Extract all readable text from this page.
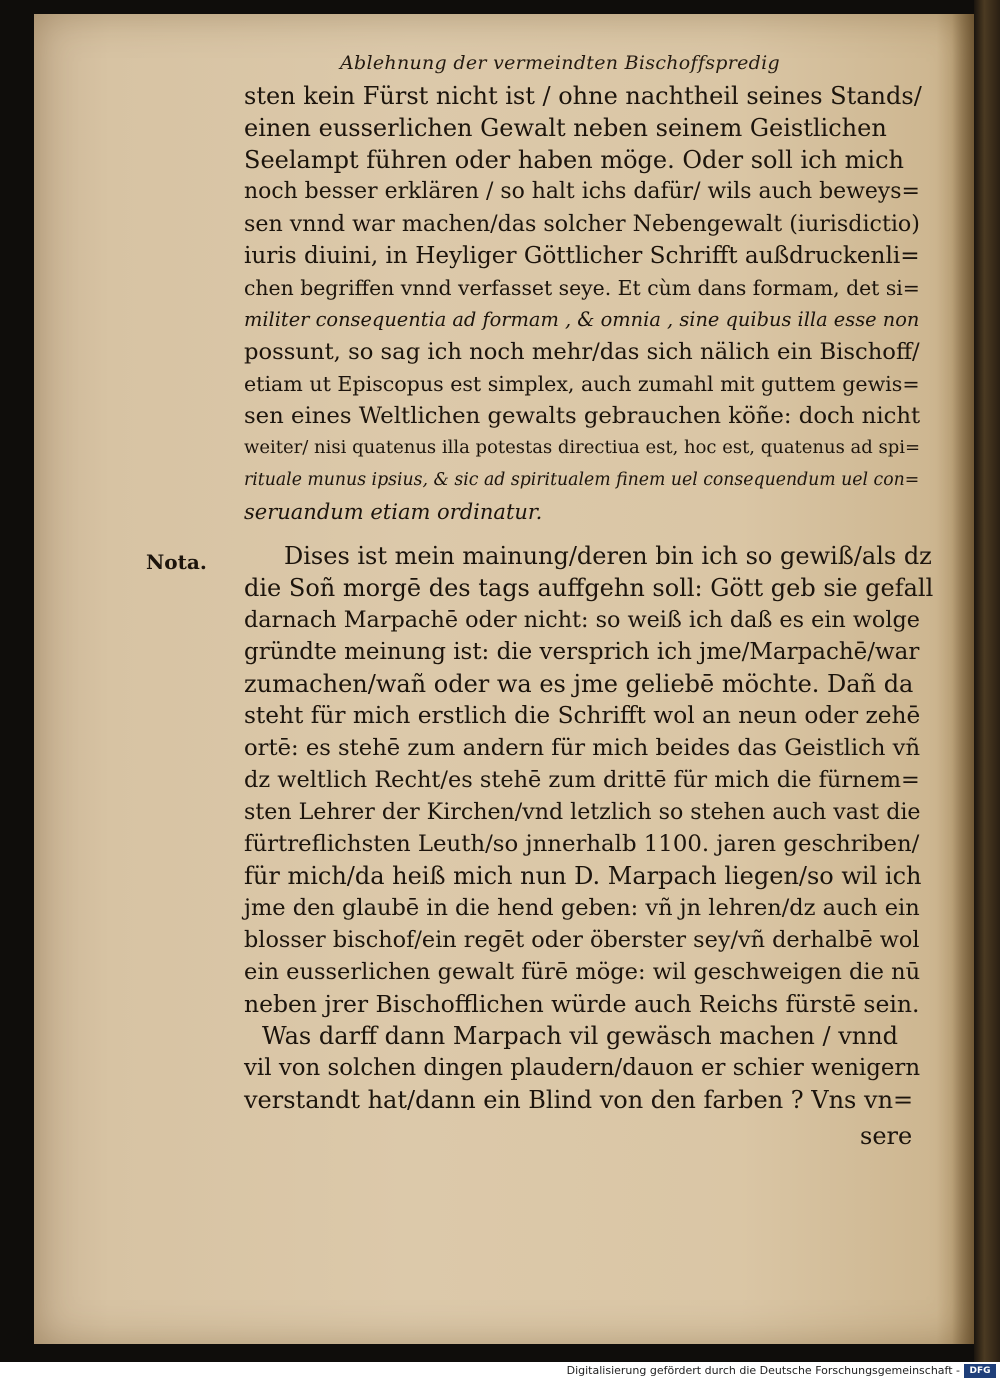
Ablehnung der vermeindten Bischoffspredig
sten kein Fürst nicht ist / ohne nachtheil seines Stands/
einen eusserlichen Gewalt neben seinem Geistlichen
Seelampt führen oder haben möge. Oder soll ich mich
noch besser erklären / so halt ichs dafür/ wils auch beweys=
sen vnnd war machen/das solcher Nebengewalt (iurisdictio)
iuris diuini, in Heyliger Göttlicher Schrifft außdruckenli=
chen begriffen vnnd verfasset seye. Et cùm dans formam, det si=
militer consequentia ad formam , & omnia , sine quibus illa esse non
possunt, so sag ich noch mehr/das sich nälich ein Bischoff/
etiam ut Episcopus est simplex, auch zumahl mit guttem gewis=
sen eines Weltlichen gewalts gebrauchen köñe: doch nicht
weiter/ nisi quatenus illa potestas directiua est, hoc est, quatenus ad spi=
rituale munus ipsius, & sic ad spiritualem finem uel consequendum uel con=
seruandum etiam ordinatur.
Nota.	Dises ist mein mainung/deren bin ich so gewiß/als dz
die Soñ morgē des tags auffgehn soll: Gött geb sie gefall
darnach Marpachē oder nicht: so weiß ich daß es ein wolge
gründte meinung ist: die versprich ich jme/Marpachē/war
zumachen/wañ oder wa es jme geliebē möchte. Dañ da
steht für mich erstlich die Schrifft wol an neun oder zehē
ortē: es stehē zum andern für mich beides das Geistlich vñ
dz weltlich Recht/es stehē zum drittē für mich die fürnem=
sten Lehrer der Kirchen/vnd letzlich so stehen auch vast die
fürtreflichsten Leuth/so jnnerhalb 1100. jaren geschriben/
für mich/da heiß mich nun D. Marpach liegen/so wil ich
jme den glaubē in die hend geben: vñ jn lehren/dz auch ein
blosser bischof/ein regēt oder öberster sey/vñ derhalbē wol
ein eusserlichen gewalt fürē möge: wil geschweigen die nū
neben jrer Bischofflichen würde auch Reichs fürstē sein.
Was darff dann Marpach vil gewäsch machen / vnnd
vil von solchen dingen plaudern/dauon er schier wenigern
verstandt hat/dann ein Blind von den farben ? Vns vn=
sere
Digitalisierung gefördert durch die Deutsche Forschungsgemeinschaft -	DFG
